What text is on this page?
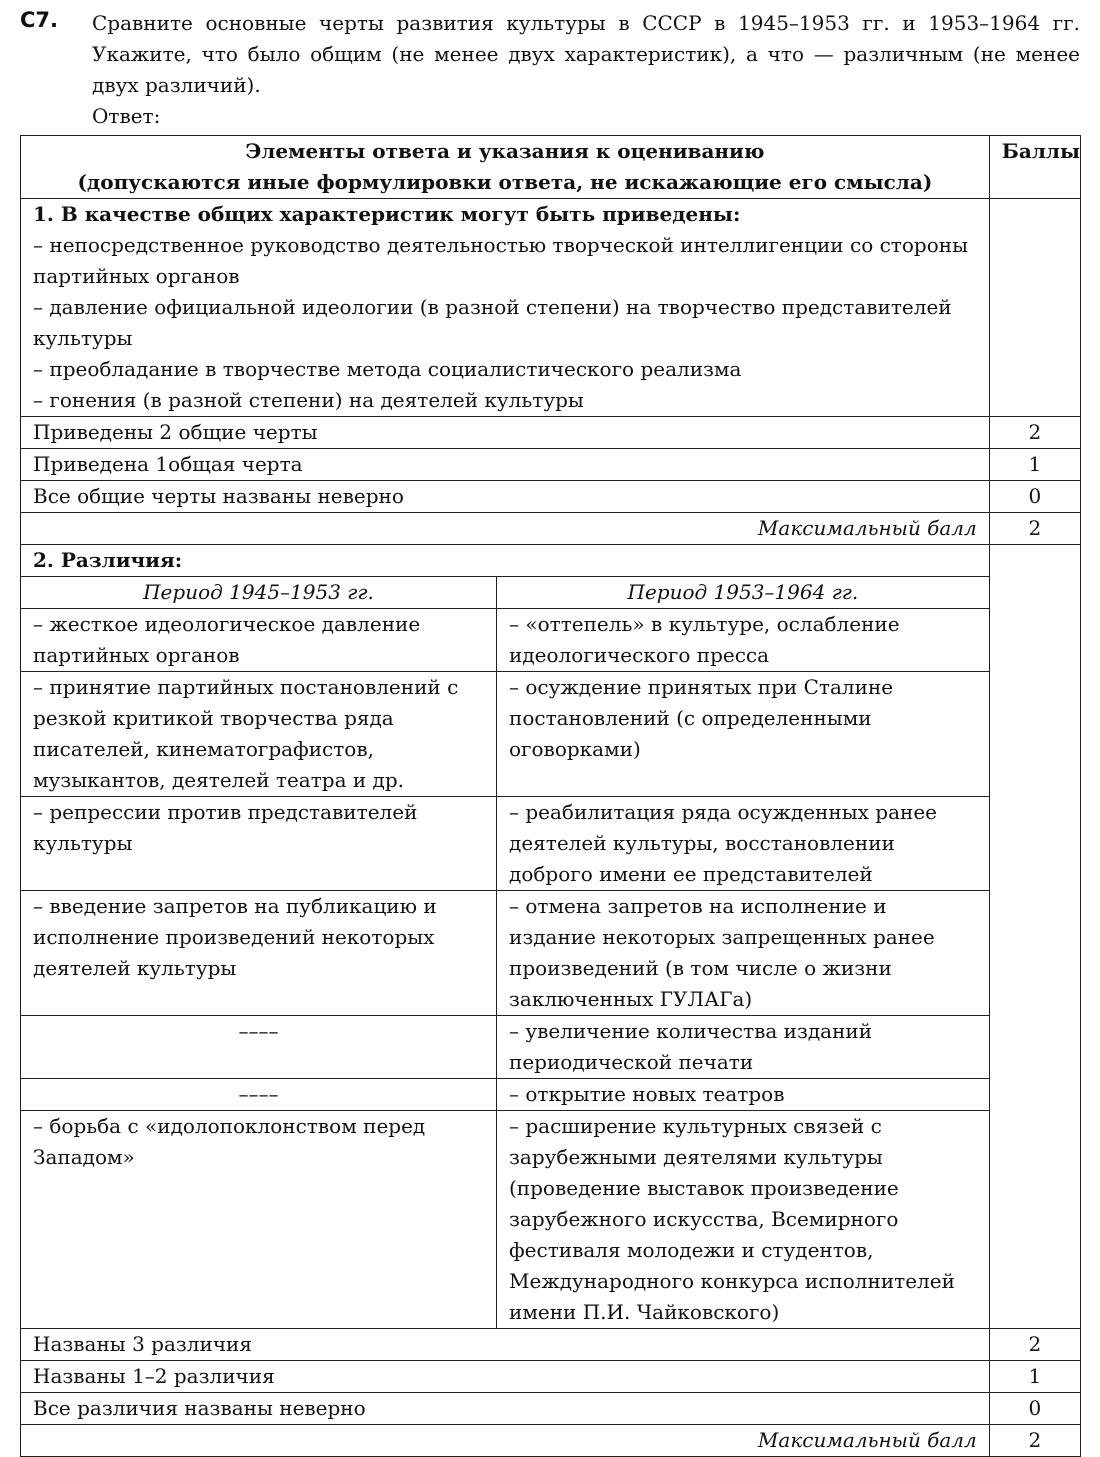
С7. Сравните основные черты развития культуры в СССР в 1945–1953 гг. и 1953–1964 гг. Укажите, что было общим (не менее двух характеристик), а что — различным (не менее двух различий).
Ответ:
Элементы ответа и указания к оцениванию
(допускаются иные формулировки ответа, не искажающие его смысла)
	Баллы

1. В качестве общих характеристик могут быть приведены:
– непосредственное руководство деятельностью творческой интеллигенции со стороны партийных органов
– давление официальной идеологии (в разной степени) на творчество представителей культуры
– преобладание в творчестве метода социалистического реализма
– гонения (в разной степени) на деятелей культуры

Приведены 2 общие черты	2
Приведена 1общая черта	1
Все общие черты названы неверно	0
Максимальный балл	2

2. Различия:
Период 1945–1953 гг.	Период 1953–1964 гг.
– жесткое идеологическое давление партийных органов	– «оттепель» в культуре, ослабление идеологического пресса
– принятие партийных постановлений с резкой критикой творчества ряда писателей, кинематографистов, музыкантов, деятелей театра и др.	– осуждение принятых при Сталине постановлений (с определенными оговорками)
– репрессии против представителей культуры	– реабилитация ряда осужденных ранее деятелей культуры, восстановлении доброго имени ее представителей
– введение запретов на публикацию и исполнение произведений некоторых деятелей культуры	– отмена запретов на исполнение и издание некоторых запрещенных ранее произведений (в том числе о жизни заключенных ГУЛАГа)
––––	– увеличение количества изданий периодической печати
––––	– открытие новых театров
– борьба с «идолопоклонством перед Западом»	– расширение культурных связей с зарубежными деятелями культуры (проведение выставок произведение зарубежного искусства, Всемирного фестиваля молодежи и студентов, Международного конкурса исполнителей имени П.И. Чайковского)

Названы 3 различия	2
Названы 1–2 различия	1
Все различия названы неверно	0
Максимальный балл	2
